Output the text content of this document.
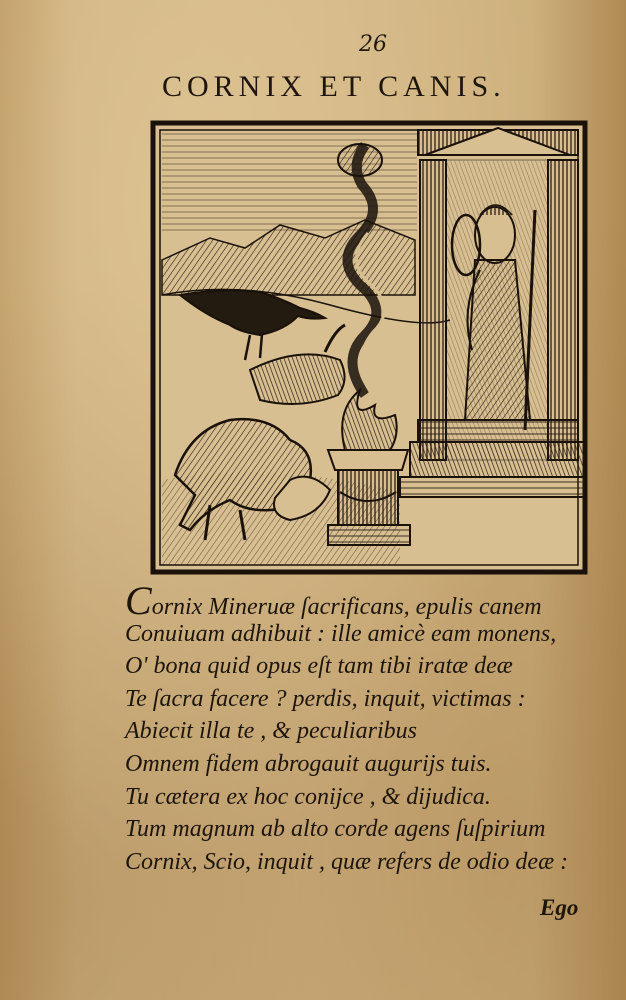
26
CORNIX ET CANIS.
Cornix Mineruæ ſacrificans, epulis canem
Conuiuam adhibuit : ille amicè eam monens,
O' bona quid opus eſt tam tibi iratæ deæ
Te ſacra facere ? perdis, inquit, victimas :
Abiecit illa te , & peculiaribus
Omnem fidem abrogauit augurijs tuis.
Tu cætera ex hoc conijce , & dijudica.
Tum magnum ab alto corde agens ſuſpirium
Cornix, Scio, inquit , quæ refers de odio deæ :
Ego
